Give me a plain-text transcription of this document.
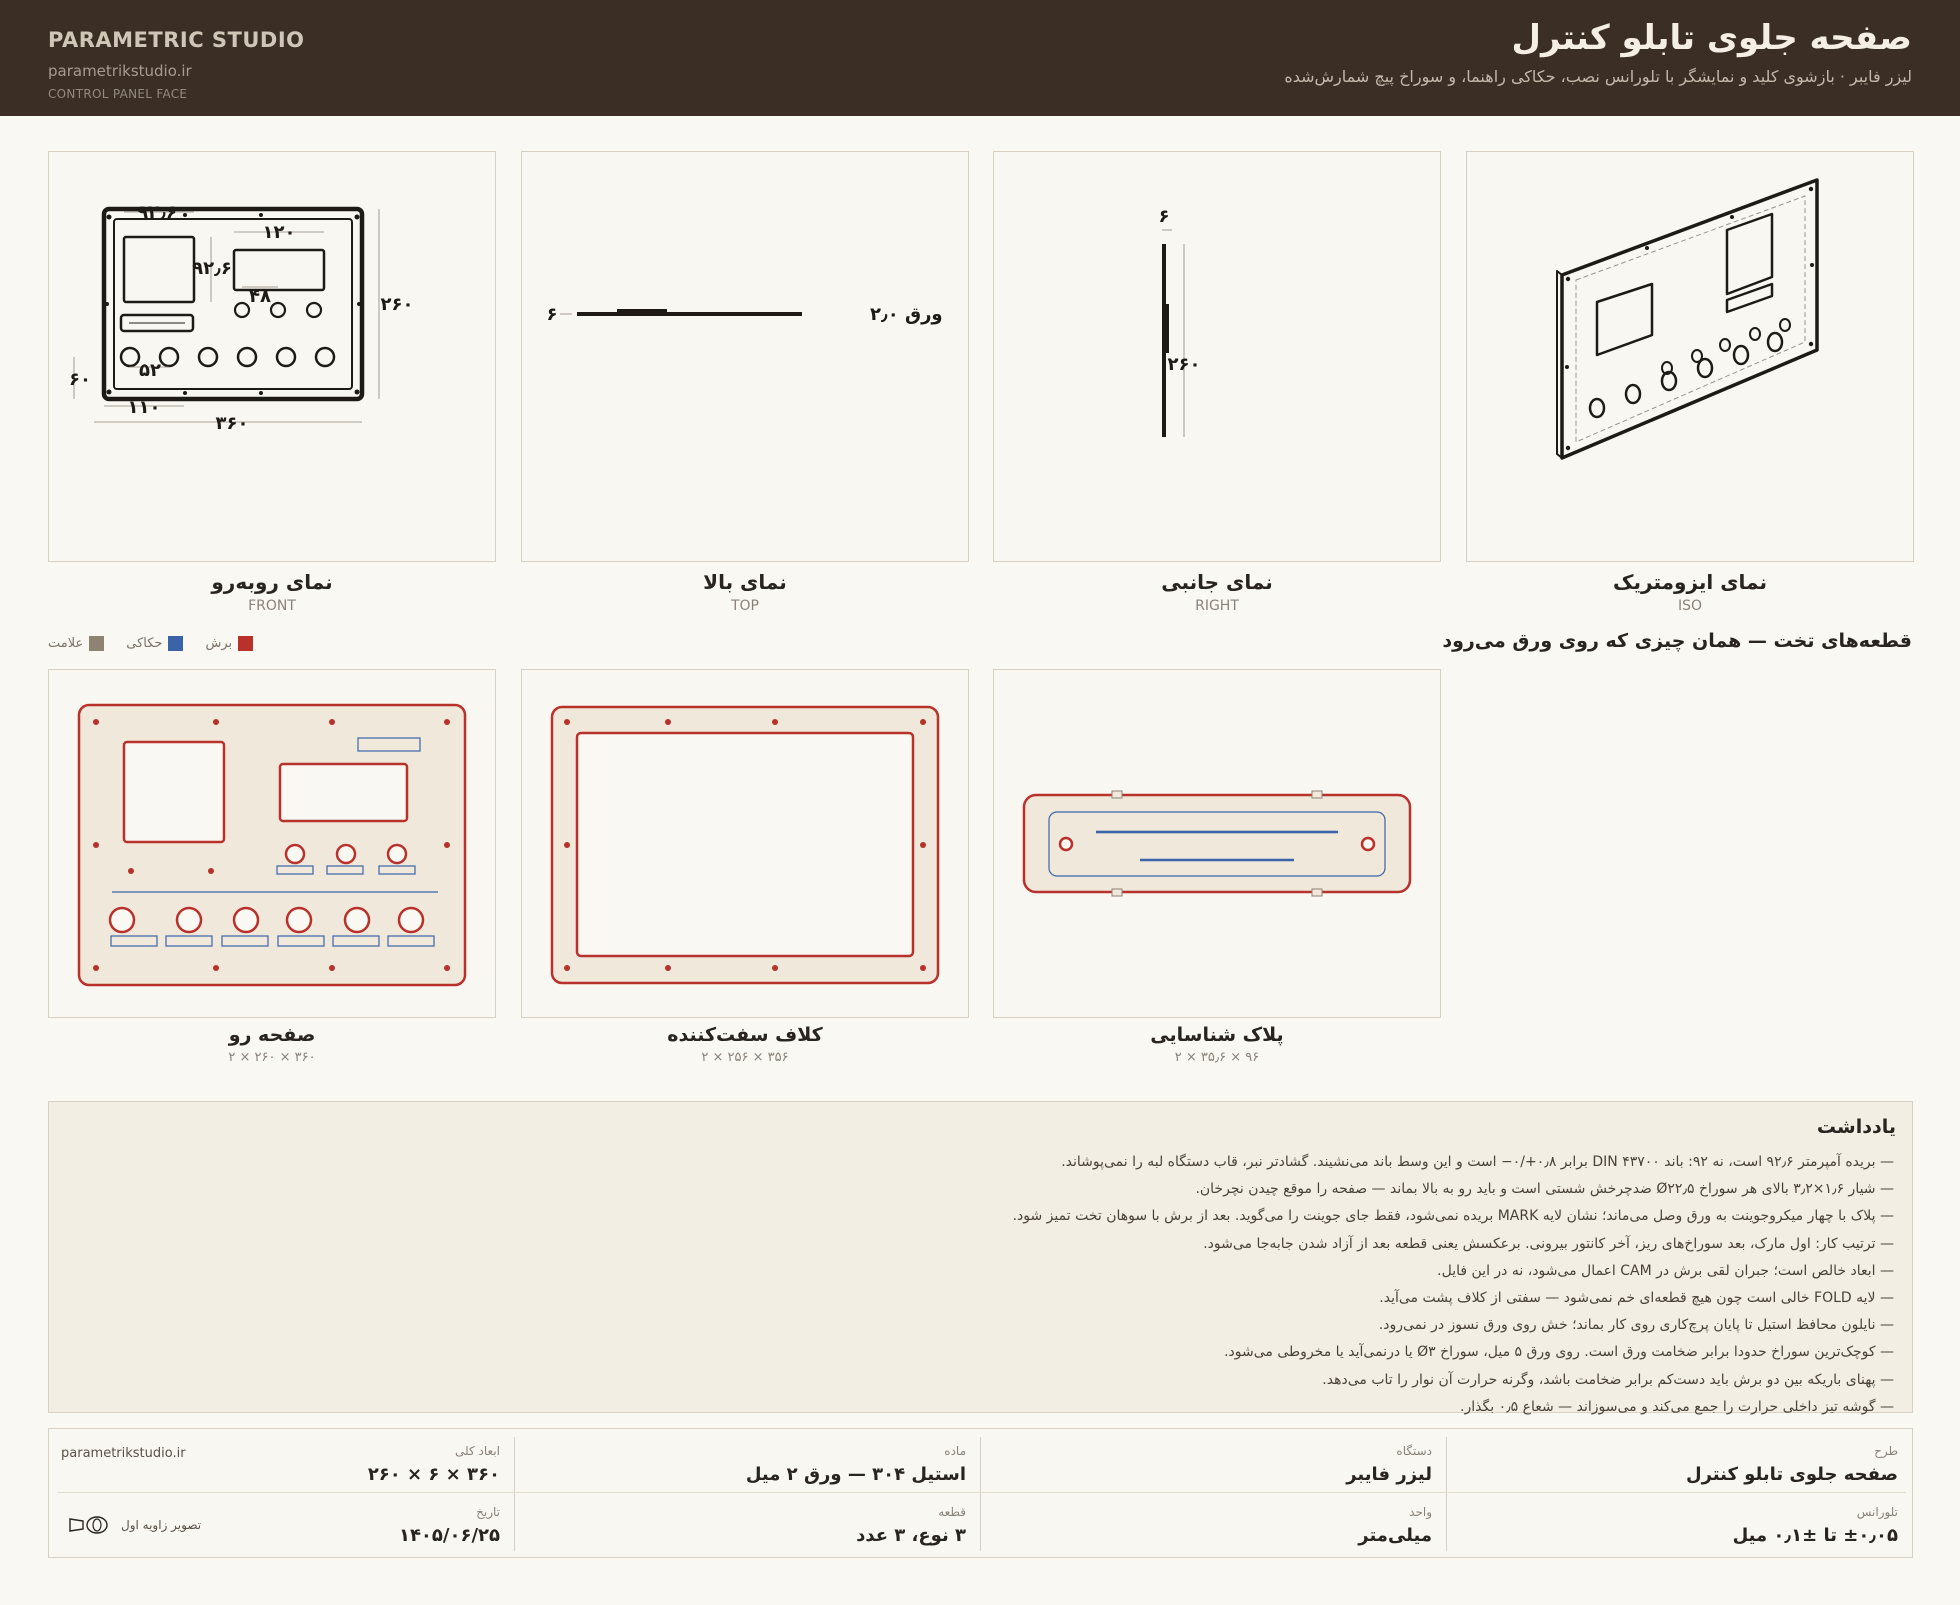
PARAMETRIC STUDIO
parametrikstudio.ir
CONTROL PANEL FACE
صفحه جلوی تابلو کنترل
لیزر فایبر · بازشوی کلید و نمایشگر با تلورانس نصب، حکاکی راهنما، و سوراخ پیچ شمارش‌شده
۹۲٫۶
۱۲۰
۹۲٫۶
۴۸	۲۶۰
۶۰	۵۲
۱۱۰
۳۶۰
نمای روبه‌رو
FRONT
۶	ورق ۲٫۰
نمای بالا
TOP
۶
۲۶۰
نمای جانبی
RIGHT
نمای ایزومتریک
ISO
قطعه‌های تخت — همان چیزی که روی ورق می‌رود
برش
حکاکی
علامت
صفحه رو
۳۶۰ × ۲۶۰ × ۲
کلاف سفت‌کننده
۳۵۶ × ۲۵۶ × ۲
پلاک شناسایی
۹۶ × ۳۵٫۶ × ۲
یادداشت
— بریده آمپرمتر ۹۲٫۶ است، نه ۹۲: باند DIN ۴۳۷۰۰ برابر ۰٫۸+/۰− است و این وسط باند می‌نشیند. گشادتر نبر، قاب دستگاه لبه را نمی‌پوشاند.
— شیار ۱٫۶×۳٫۲ بالای هر سوراخ Ø۲۲٫۵ ضدچرخش شستی است و باید رو به بالا بماند — صفحه را موقع چیدن نچرخان.
— پلاک با چهار میکروجوینت به ورق وصل می‌ماند؛ نشان لایه MARK بریده نمی‌شود، فقط جای جوینت را می‌گوید. بعد از برش با سوهان تخت تمیز شود.
— ترتیب کار: اول مارک، بعد سوراخ‌های ریز، آخر کانتور بیرونی. برعکسش یعنی قطعه بعد از آزاد شدن جابه‌جا می‌شود.
— ابعاد خالص است؛ جبران لقی برش در CAM اعمال می‌شود، نه در این فایل.
— لایه FOLD خالی است چون هیچ قطعه‌ای خم نمی‌شود — سفتی از کلاف پشت می‌آید.
— نایلون محافظ استیل تا پایان پرچ‌کاری روی کار بماند؛ خش روی ورق نسوز در نمی‌رود.
— کوچک‌ترین سوراخ حدودا برابر ضخامت ورق است. روی ورق ۵ میل، سوراخ Ø۳ یا درنمی‌آید یا مخروطی می‌شود.
— پهنای باریکه بین دو برش باید دست‌کم برابر ضخامت باشد، وگرنه حرارت آن نوار را تاب می‌دهد.
— گوشه تیز داخلی حرارت را جمع می‌کند و می‌سوزاند — شعاع ۰٫۵ بگذار.
طرح
صفحه جلوی تابلو کنترل
دستگاه
لیزر فایبر
ماده
استیل ۳۰۴ — ورق ۲ میل
ابعاد کلی
۳۶۰ × ۶ × ۲۶۰
تلورانس
±۰٫۰۵ تا ±۰٫۱ میل
واحد
میلی‌متر
قطعه
۳ نوع، ۳ عدد
تاریخ
۱۴۰۵/۰۶/۲۵
parametrikstudio.ir
تصویر زاویه اول
